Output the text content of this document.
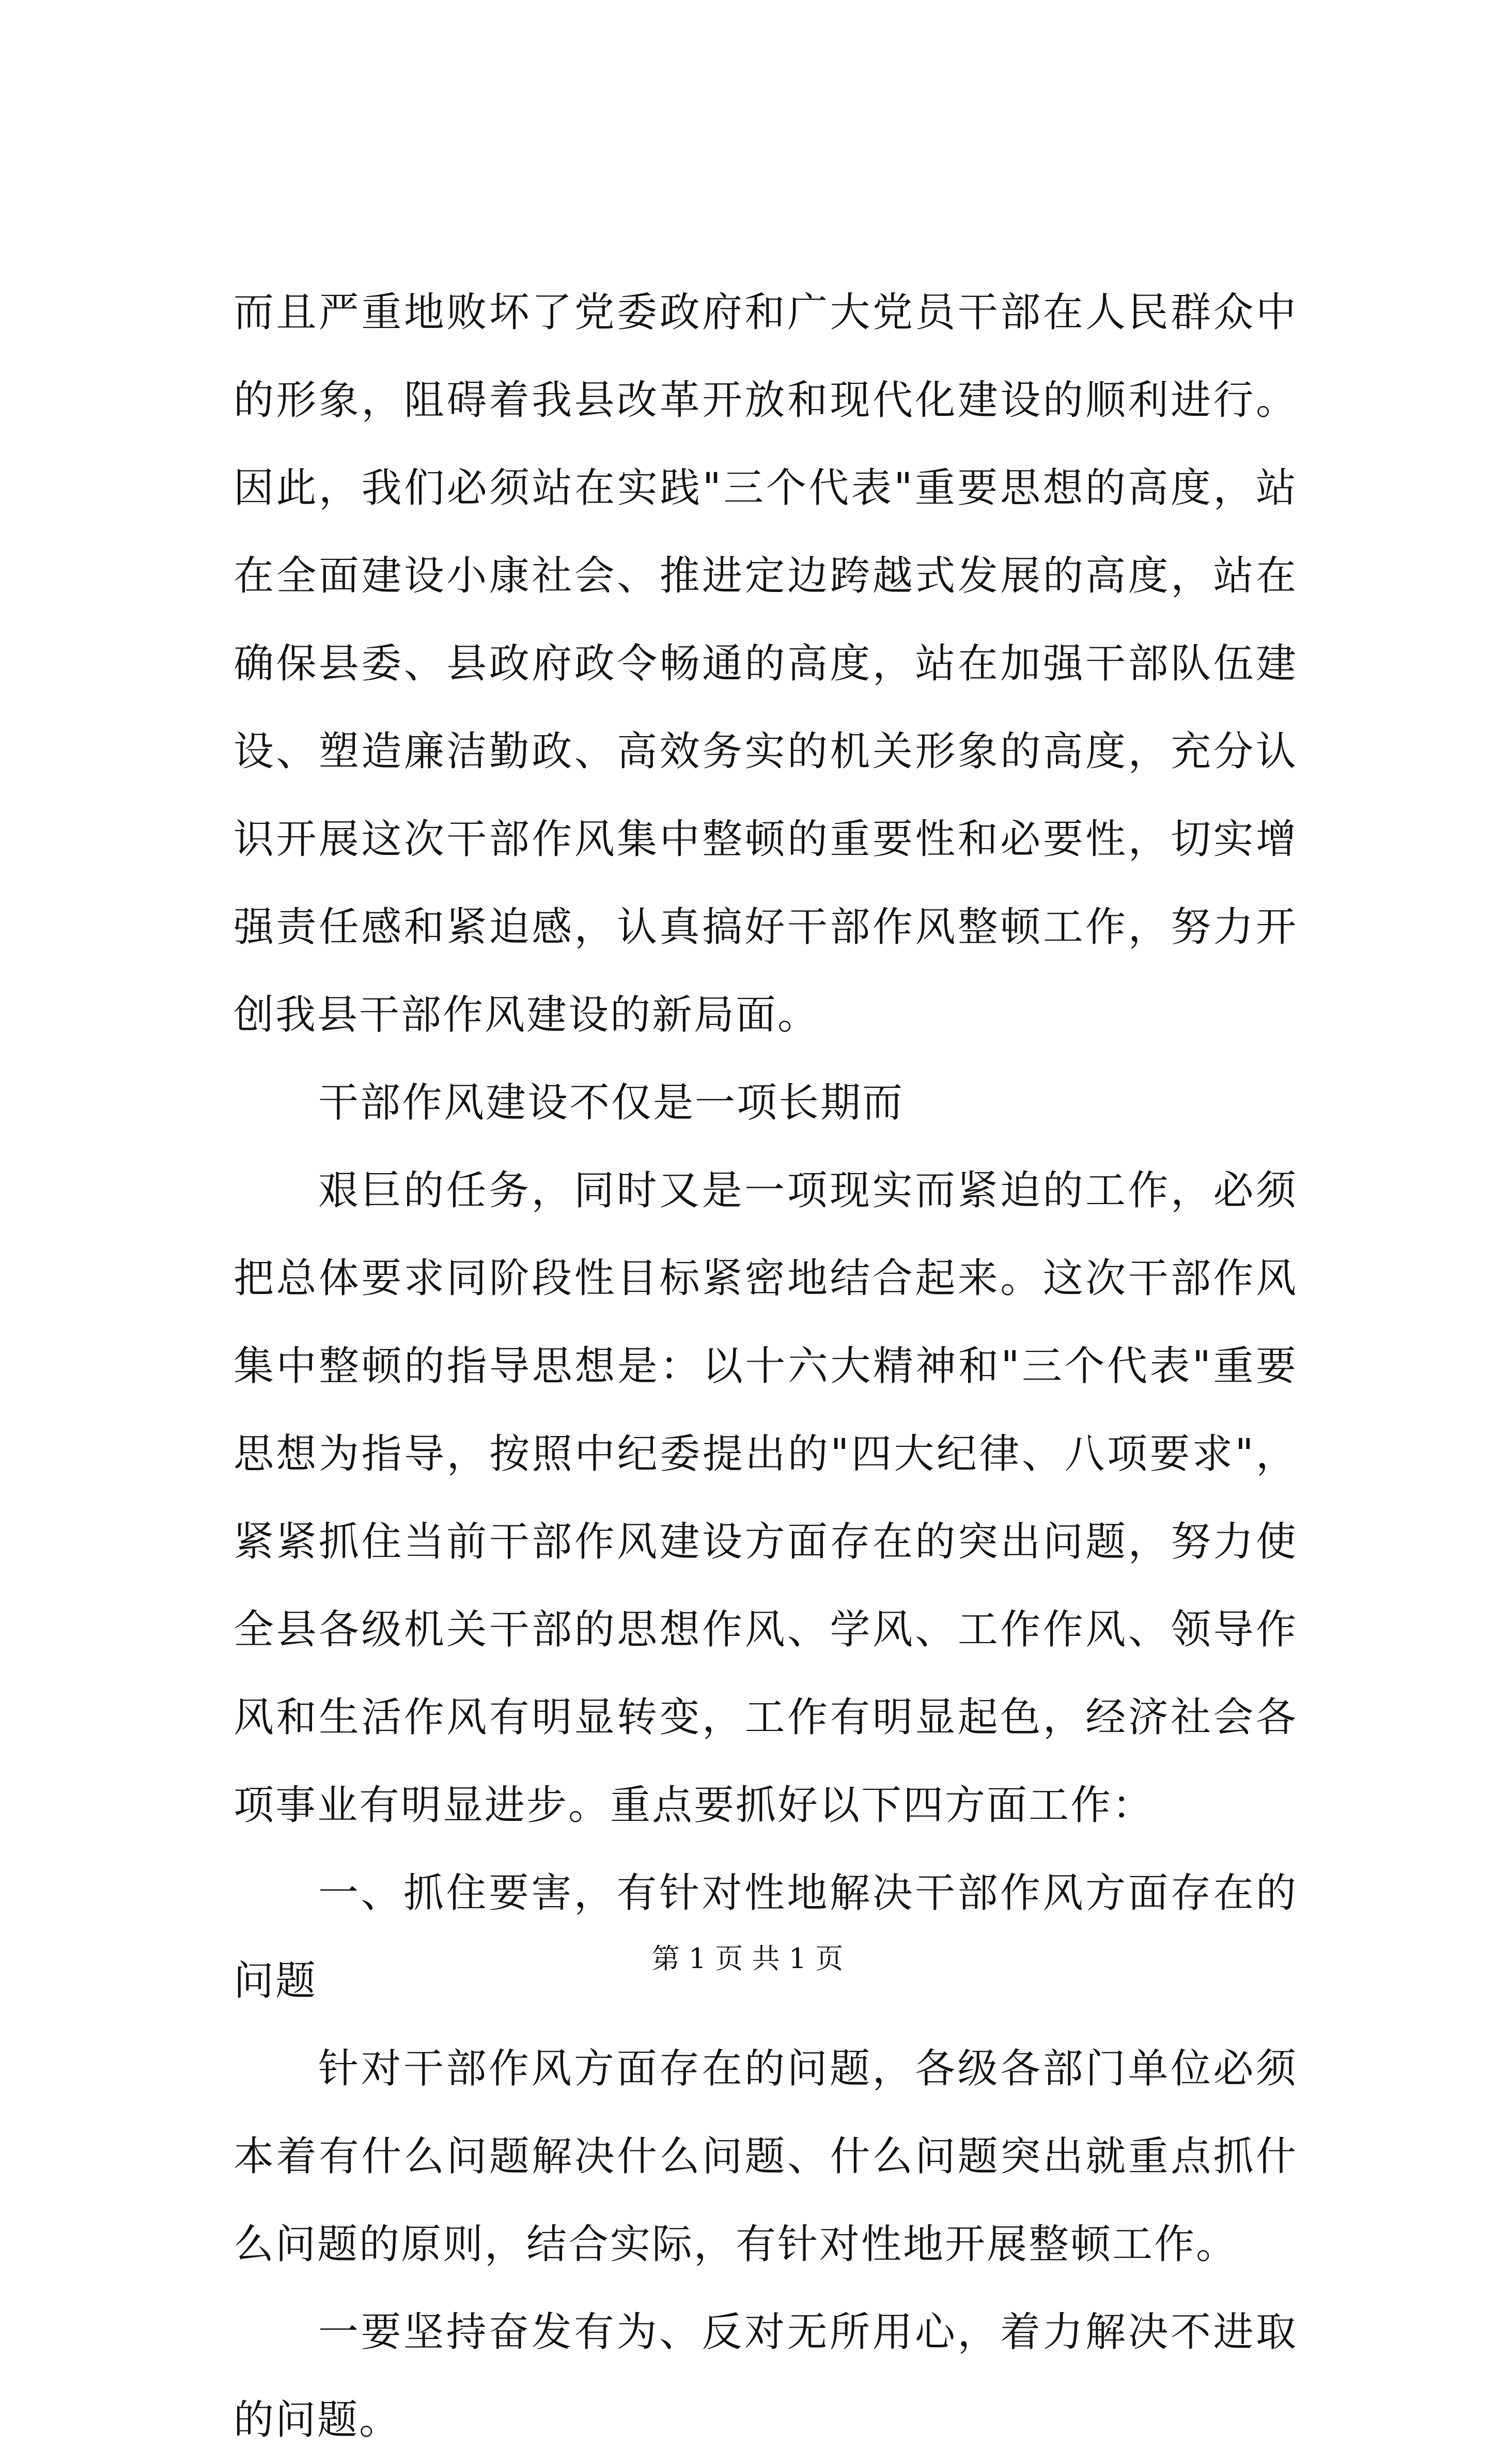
而且严重地败坏了党委政府和广大党员干部在人民群众中的形象，阻碍着我县改革开放和现代化建设的顺利进行。因此，我们必须站在实践"三个代表"重要思想的高度，站在全面建设小康社会、推进定边跨越式发展的高度，站在确保县委、县政府政令畅通的高度，站在加强干部队伍建设、塑造廉洁勤政、高效务实的机关形象的高度，充分认识开展这次干部作风集中整顿的重要性和必要性，切实增强责任感和紧迫感，认真搞好干部作风整顿工作，努力开创我县干部作风建设的新局面。

干部作风建设不仅是一项长期而

艰巨的任务，同时又是一项现实而紧迫的工作，必须把总体要求同阶段性目标紧密地结合起来。这次干部作风集中整顿的指导思想是：以十六大精神和"三个代表"重要思想为指导，按照中纪委提出的"四大纪律、八项要求"，紧紧抓住当前干部作风建设方面存在的突出问题，努力使全县各级机关干部的思想作风、学风、工作作风、领导作风和生活作风有明显转变，工作有明显起色，经济社会各项事业有明显进步。重点要抓好以下四方面工作：

一、抓住要害，有针对性地解决干部作风方面存在的问题

针对干部作风方面存在的问题，各级各部门单位必须本着有什么问题解决什么问题、什么问题突出就重点抓什么问题的原则，结合实际，有针对性地开展整顿工作。

一要坚持奋发有为、反对无所用心，着力解决不进取的问题。

第 1 页 共 1 页
